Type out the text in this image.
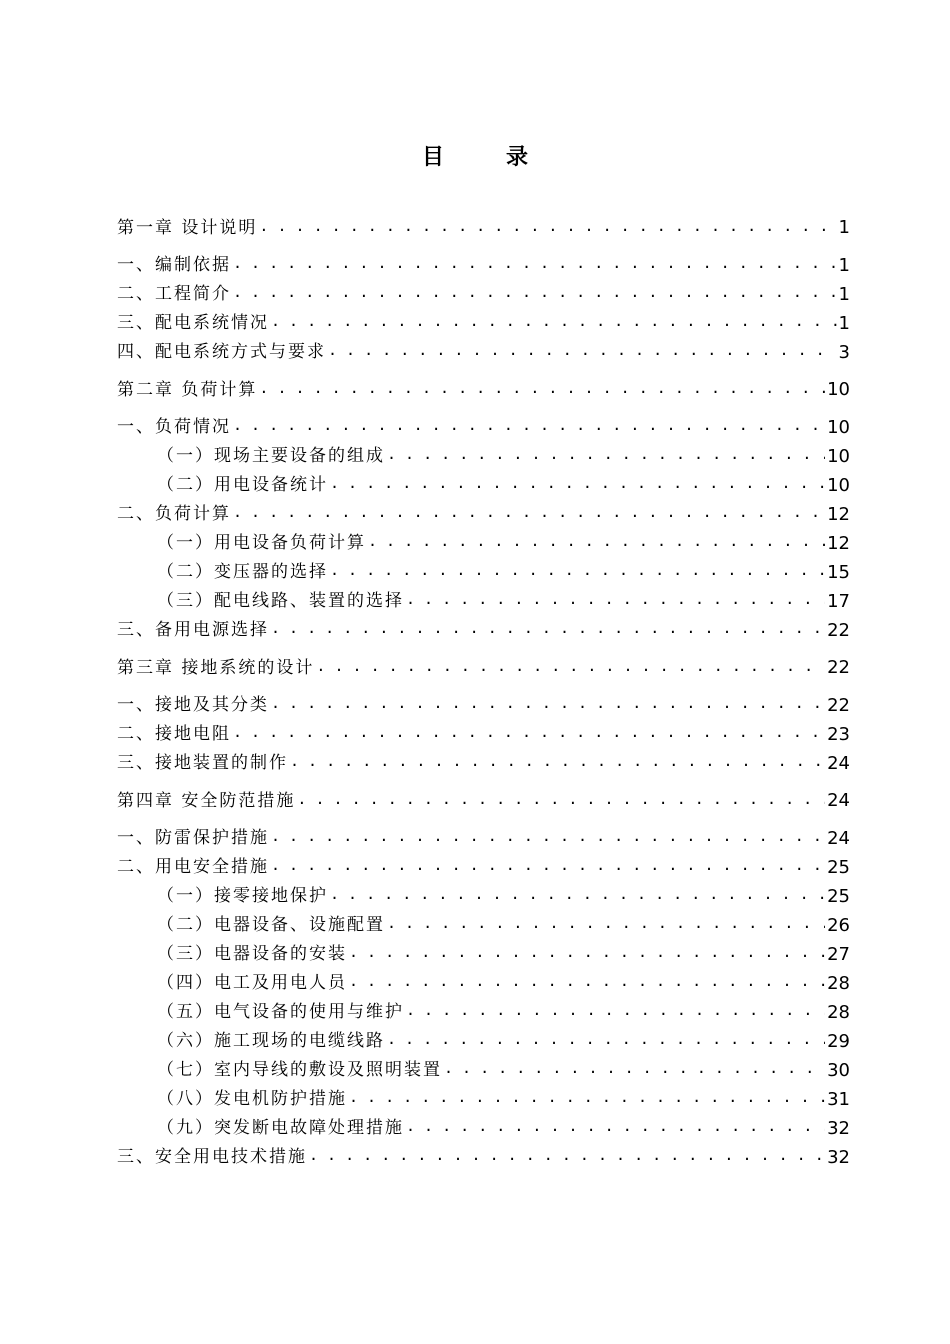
目　录
第一章 设计说明 . . .	1
一、编制依据 . . .	1
二、工程简介 . . .	1
三、配电系统情况 . . .	1
四、配电系统方式与要求 . . .	3
第二章 负荷计算 . . .	10
一、负荷情况 . . .	10
（一）现场主要设备的组成 . . .	10
（二）用电设备统计 . . .	10
二、负荷计算 . . .	12
（一）用电设备负荷计算 . . .	12
（二）变压器的选择 . . .	15
（三）配电线路、装置的选择 . . .	17
三、备用电源选择 . . .	22
第三章 接地系统的设计 . . .	22
一、接地及其分类 . . .	22
二、接地电阻 . . .	23
三、接地装置的制作 . . .	24
第四章 安全防范措施 . . .	24
一、防雷保护措施 . . .	24
二、用电安全措施 . . .	25
（一）接零接地保护 . . .	25
（二）电器设备、设施配置 . . .	26
（三）电器设备的安装 . . .	27
（四）电工及用电人员 . . .	28
（五）电气设备的使用与维护 . . .	28
（六）施工现场的电缆线路 . . .	29
（七）室内导线的敷设及照明装置 . . .	30
（八）发电机防护措施 . . .	31
（九）突发断电故障处理措施 . . .	32
三、安全用电技术措施 . . .	32
